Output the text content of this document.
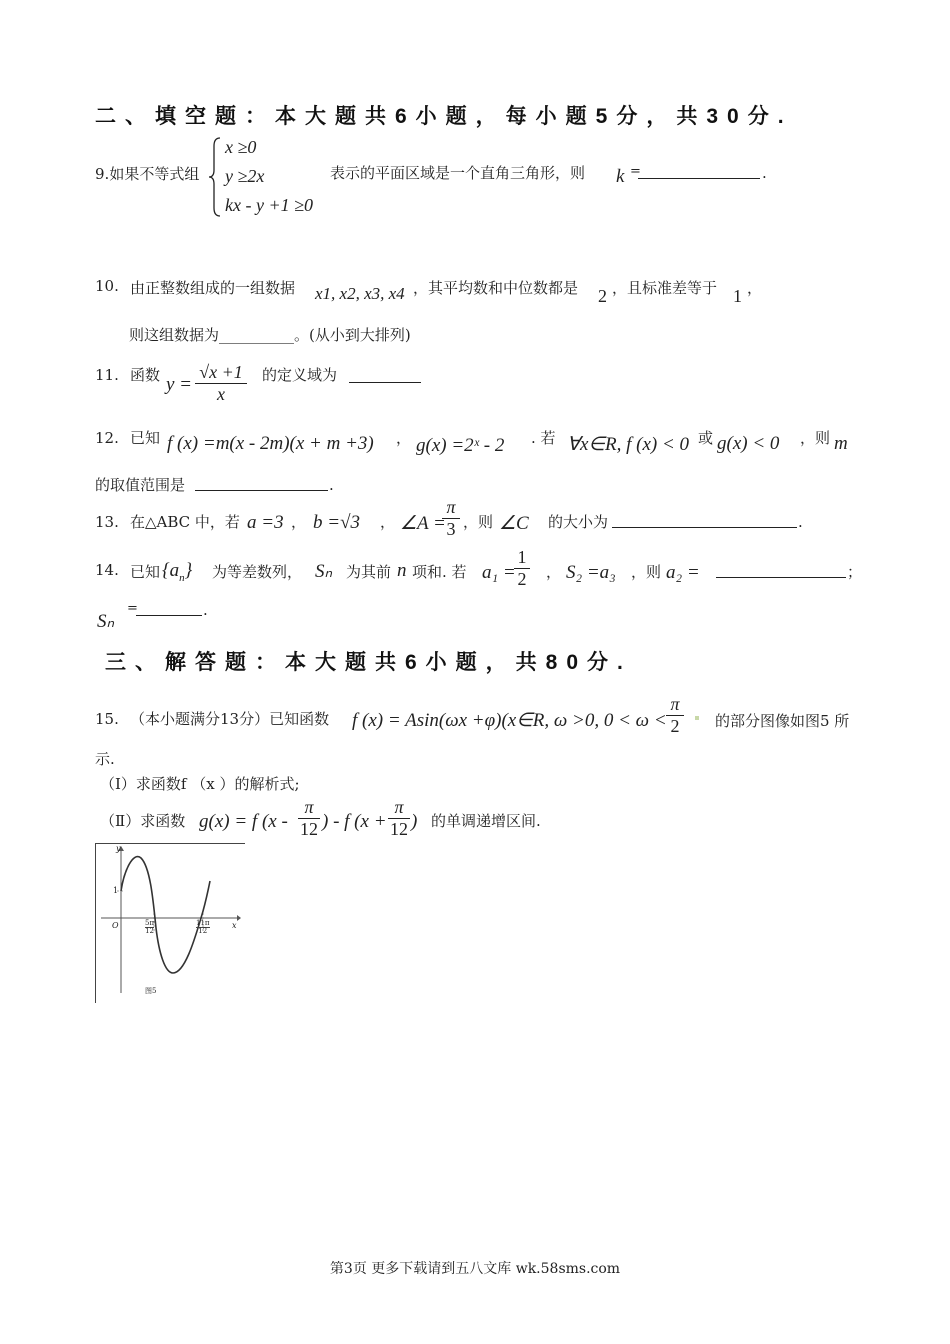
二、填空题：本大题共6小题，每小题5分，共30分.
9.如果不等式组
x ≥0
y ≥2x
kx - y +1 ≥0
表示的平面区域是一个直角三角形，则 k =	.
10. 由正整数组成的一组数据 x1, x2, x3, x4 ，其平均数和中位数都是 2 ，且标准差等于 1 ，
则这组数据为__________。(从小到大排列)
11. 函数 y =
√x +1
x
的定义域为
12. 已知 f (x) =m(x - 2m)(x + m +3) ， g(x) =2ˣ - 2 . 若 ∀x∈R, f (x) < 0 或 g(x) < 0 ，则 m
的取值范围是	.
13. 在△ABC 中，若 a =3 ， b =√3 ， ∠A =
π
3 ，则 ∠C 的大小为	.
14. 已知 $\{a_n\}$ 为等差数列， Sₙ 为其前 n 项和. 若 a₁ =
1
2 ， S₂ =a₃ ，则 a₂ =	；
Sₙ
=	.
三、解答题：本大题共6小题，共80分.
15. （本小题满分13分）已知函数 f (x) = Asin(ωx +φ)(x∈R, ω >0, 0 < ω <
π
2	的部分图像如图5 所
示.
（Ⅰ）求函数f （x ）的解析式;
（Ⅱ）求函数 g(x) = f (x -
π
12 ) - f (x +
π
12 ) 的单调递增区间.
y
x
O
1
5π
12
11π
12
图5
第3页 更多下载请到五八文库 wk.58sms.com
